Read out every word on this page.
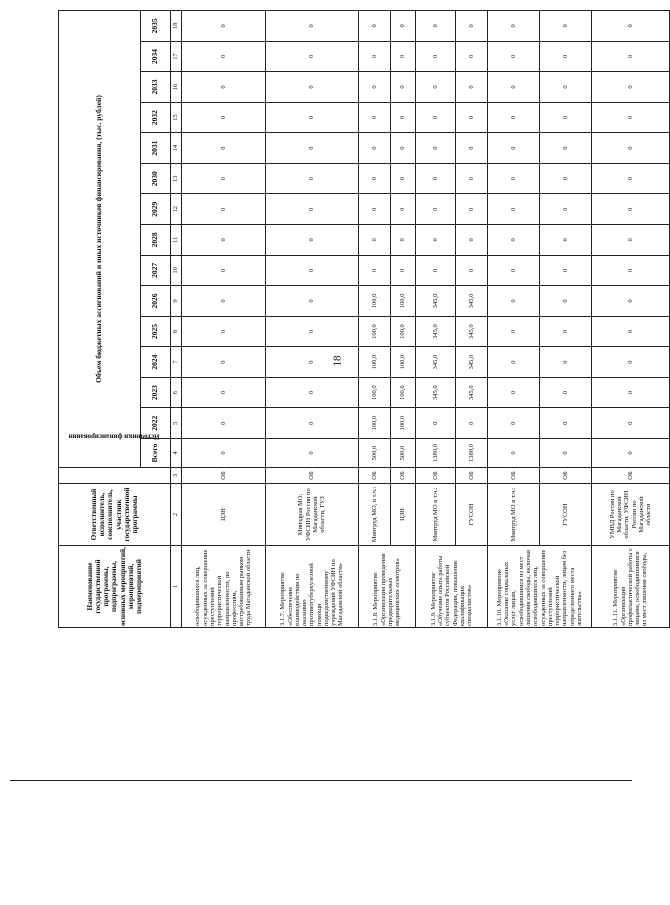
18
Наименование государственной программы, подпрограммы, основных мероприятий, мероприятий, подмероприятий	Ответственный исполнитель, соисполнитель, участник государственной программы	Источники финансирования	Объем бюджетных ассигнований и иных источников финансирования, (тыс. рублей)														
			Всего	2022	2023	2024	2025	2026	2027	2028	2029	2030	2031	2032	2033	2034	2035
1	2	3	4	5	6	7	8	9	10	11	12	13	14	15	16	17	18
освободившихся лиц, осужденных за совершение преступлений террористической направленности, по профессиям, востребованным рынком труда Магаданской области	ЦЗН	ОБ	0	0	0	0	0	0	0	0	0	0	0	0	0	0	0
3.1.7. Мероприятие «Обеспечение взаимодействия по оказанию противотуберкулезной помощи подведомственному учреждений УФСИН по Магаданской области»	Минздрав МО; УФСИН России по Магаданской области, ГУЗ	ОБ	0	0	0	0	0	0	0	0	0	0	0	0	0	0	0
3.1.8. Мероприятие «Организация проведения предварительных медицинских осмотров»	Минтруд МО, в т.ч.:	ОБ	500,0	100,0	100,0	100,0	100,0	100,0	0	0	0	0	0	0	0	0	0
	ЦЗН	ОБ	500,0	100,0	100,0	100,0	100,0	100,0	0	0	0	0	0	0	0	0	0
3.1.9. Мероприятие «Обучение опыта работы субъектов Российской Федерации, повышение квалификации специалистов»	Минтруд МО в т.ч.:	ОБ	1380,0	0	345,0	345,0	345,0	345,0	0	0	0	0	0	0	0	0	0
	ГУСОН	ОБ	1380,0	0	345,0	345,0	345,0	345,0	0	0	0	0	0	0	0	0	0
3.1.10. Мероприятие «Оказание социальных услуг лицам, освободившимся из мест лишения свободы, включая освободившихся лиц, осужденных за совершение преступлений террористической направленности, лицам без определенного места жительства»	Минтруд МО в т.ч.:	ОБ	0	0	0	0	0	0	0	0	0	0	0	0	0	0	0
	ГУСОН	ОБ	0	0	0	0	0	0	0	0	0	0	0	0	0	0	0
3.1.11. Мероприятие «Организация профилактической работы с лицами, освободившимися из мест лишения свободы,	УМВД России по Магаданской области; УФСИН России по Магаданской области	ОБ	0	0	0	0	0	0	0	0	0	0	0	0	0	0	0
